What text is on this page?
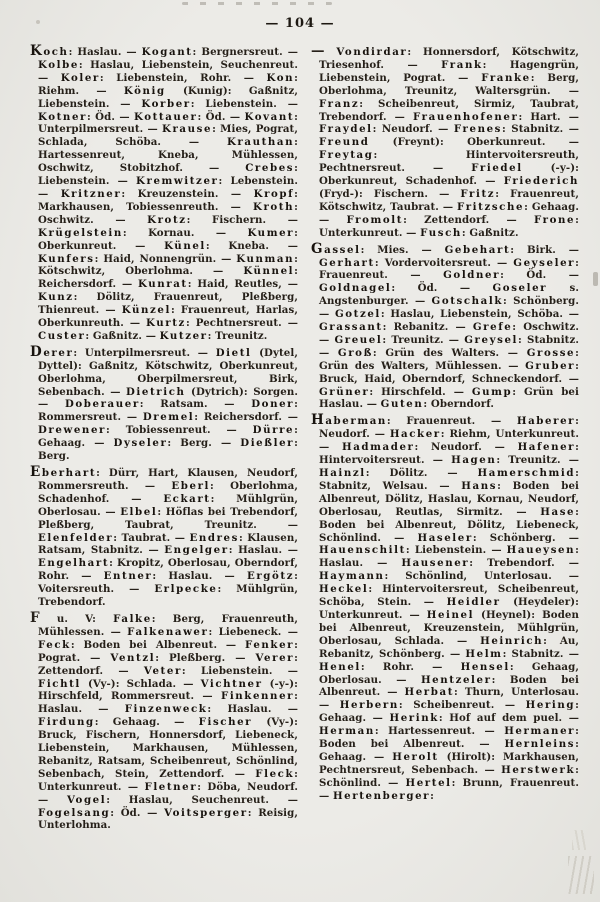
— 104 —

Koch: Haslau. — Kogant: Bergnersreut. — Kolbe: Haslau, Liebenstein, Seuchenreut. — Koler: Liebenstein, Rohr. — Kon: Riehm. — König (Kunig): Gaßnitz, Liebenstein. — Korber: Liebenstein. — Kotner: Öd. — Kottauer: Öd. — Kovant: Unterpilmersreut. — Krause: Mies, Pograt, Schlada, Schöba. — Krauthan: Hartessenreut, Kneba, Mühlessen, Oschwitz, Stobitzhof. — Crebes: Liebenstein. — Kremwitzer: Lebenstein. — Kritzner: Kreuzenstein. — Kropf: Markhausen, Tobiessenreuth. — Kroth: Oschwitz. — Krotz: Fischern. — Krügelstein: Kornau. — Kumer: Oberkunreut. — Künel: Kneba. — Kunfers: Haid, Nonnengrün. — Kunman: Kötschwitz, Oberlohma. — Künnel: Reichersdorf. — Kunrat: Haid, Reutles, — Kunz: Dölitz, Frauenreut, Pleßberg, Thienreut. — Künzel: Frauenreut, Harlas, Oberkunreuth. — Kurtz: Pechtnersreut. — Custer: Gaßnitz. — Kutzer: Treunitz.

Derer: Unterpilmersreut. — Dietl (Dytel, Dyttel): Gaßnitz, Kötschwitz, Oberkunreut, Oberlohma, Oberpilmersreut, Birk, Sebenbach. — Dietrich (Dytrich): Sorgen. — Doberauer: Ratsam. — Doner: Rommersreut. — Dremel: Reichersdorf. — Drewener: Tobiessenreut. — Dürre: Gehaag. — Dyseler: Berg. — Dießler: Berg.

Eberhart: Dürr, Hart, Klausen, Neudorf, Rommersreuth. — Eberl: Oberlohma, Schadenhof. — Eckart: Mühlgrün, Oberlosau. — Elbel: Höflas bei Trebendorf, Pleßberg, Taubrat, Treunitz. — Elenfelder: Taubrat. — Endres: Klausen, Ratsam, Stabnitz. — Engelger: Haslau. — Engelhart: Kropitz, Oberlosau, Oberndorf, Rohr. — Entner: Haslau. — Ergötz: Voitersreuth. — Erlpecke: Mühlgrün, Trebendorf.

F u. V: Falke: Berg, Frauenreuth, Mühlessen. — Falkenawer: Liebeneck. — Feck: Boden bei Albenreut. — Fenker: Pograt. — Ventzl: Pleßberg. — Verer: Zettendorf. — Veter: Liebenstein. — Fichtl (Vy-): Schlada. — Vichtner (-y-): Hirschfeld, Rommersreut. — Finkenner: Haslau. — Finzenweck: Haslau. — Firdung: Gehaag. — Fischer (Vy-): Bruck, Fischern, Honnersdorf, Liebeneck, Liebenstein, Markhausen, Mühlessen, Rebanitz, Ratsam, Scheibenreut, Schönlind, Sebenbach, Stein, Zettendorf. — Fleck: Unterkunreut. — Fletner: Döba, Neudorf. — Vogel: Haslau, Seuchenreut. — Fogelsang: Öd. — Voitsperger: Reisig, Unterlohma.

— Vondirdar: Honnersdorf, Kötschwitz, Triesenhof. — Frank: Hagengrün, Liebenstein, Pograt. — Franke: Berg, Oberlohma, Treunitz, Waltersgrün. — Franz: Scheibenreut, Sirmiz, Taubrat, Trebendorf. — Frauenhofener: Hart. — Fraydel: Neudorf. — Frenes: Stabnitz. — Freund (Freynt): Oberkunreut. — Freytag: Hintervoitersreuth, Pechtnersreut. — Friedel (-y-): Oberkunreut, Schadenhof. — Friederich (Fryd-): Fischern. — Fritz: Frauenreut, Kötschwitz, Taubrat. — Fritzsche: Gehaag. — Fromolt: Zettendorf. — Frone: Unterkunreut. — Fusch: Gaßnitz.

Gassel: Mies. — Gebehart: Birk. — Gerhart: Vordervoitersreut. — Geyseler: Frauenreut. — Goldner: Öd. — Goldnagel: Öd. — Goseler s. Angstenburger. — Gotschalk: Schönberg. — Gotzel: Haslau, Liebenstein, Schöba. — Grassant: Rebanitz. — Grefe: Oschwitz. — Greuel: Treunitz. — Greysel: Stabnitz. — Groß: Grün des Walters. — Grosse: Grün des Walters, Mühlessen. — Gruber: Bruck, Haid, Oberndorf, Schneckendorf. — Grüner: Hirschfeld. — Gump: Grün bei Haslau. — Guten: Oberndorf.

Haberman: Frauenreut. — Haberer: Neudorf. — Hacker: Riehm, Unterkunreut. — Hadmader: Neudorf. — Hafener: Hintervoitersreut. — Hagen: Treunitz. — Hainzl: Dölitz. — Hamerschmid: Stabnitz, Welsau. — Hans: Boden bei Albenreut, Dölitz, Haslau, Kornau, Neudorf, Oberlosau, Reutlas, Sirmitz. — Hase: Boden bei Albenreut, Dölitz, Liebeneck, Schönlind. — Haseler: Schönberg. — Hauenschilt: Liebenstein. — Haueysen: Haslau. — Hausener: Trebendorf. — Haymann: Schönlind, Unterlosau. — Heckel: Hintervoitersreut, Scheibenreut, Schöba, Stein. — Heidler (Heydeler): Unterkunreut. — Heinel (Heynel): Boden bei Albenreut, Kreuzenstein, Mühlgrün, Oberlosau, Schlada. — Heinrich: Au, Rebanitz, Schönberg. — Helm: Stabnitz. — Henel: Rohr. — Hensel: Gehaag, Oberlosau. — Hentzeler: Boden bei Albenreut. — Herbat: Thurn, Unterlosau. — Herbern: Scheibenreut. — Hering: Gehaag. — Herink: Hof auf dem puel. — Herman: Hartessenreut. — Hermaner: Boden bei Albenreut. — Hernleins: Gehaag. — Herolt (Hirolt): Markhausen, Pechtnersreut, Sebenbach. — Herstwerk: Schönlind. — Hertel: Brunn, Frauenreut. — Hertenberger:
